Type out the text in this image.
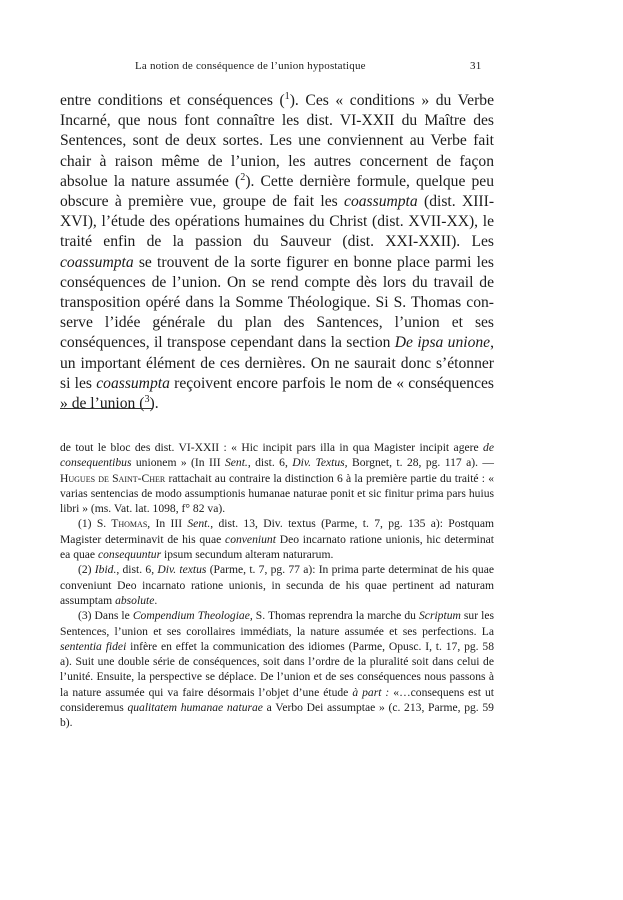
La notion de conséquence de l’union hypostatique	31

entre conditions et conséquences ($^1$). Ces « conditions » du Verbe Incarné, que nous font connaître les dist. VI-XXII du Maître des Sentences, sont de deux sortes. Les une conviennent au Verbe fait chair à raison même de l’union, les autres concernent de façon absolue la nature assumée ($^2$). Cette dernière formule, quelque peu obscure à première vue, groupe de fait les coassumpta (dist. XIII-XVI), l’étude des opérations humaines du Christ (dist. XVII-XX), le traité enfin de la passion du Sauveur (dist. XXI-XXII). Les coassumpta se trouvent de la sorte figurer en bonne place parmi les conséquences de l’union. On se rend compte dès lors du travail de transposition opéré dans la Somme Théologique. Si S. Thomas conserve l’idée générale du plan des Santences, l’union et ses conséquences, il transpose cependant dans la section De ipsa unione, un important élément de ces dernières. On ne saurait donc s’étonner si les coassumpta reçoivent encore parfois le nom de « conséquences » de l’union ($^3$).

de tout le bloc des dist. VI-XXII : « Hic incipit pars illa in qua Magister incipit agere de consequentibus unionem » (In III Sent., dist. 6, Div. Textus, Borgnet, t. 28, pg. 117 a). — Hugues de Saint-Cher rattachait au contraire la distinction 6 à la première partie du traité : « varias sentencias de modo assumptionis humanae naturae ponit et sic finitur prima pars huius libri » (ms. Vat. lat. 1098, f° 82 va).

(1) S. Thomas, In III Sent., dist. 13, Div. textus (Parme, t. 7, pg. 135 a): Postquam Magister determinavit de his quae conveniunt Deo incarnato ratione unionis, hic determinat ea quae consequuntur ipsum secundum alteram naturarum.

(2) Ibid., dist. 6, Div. textus (Parme, t. 7, pg. 77 a): In prima parte determinat de his quae conveniunt Deo incarnato ratione unionis, in secunda de his quae pertinent ad naturam assumptam absolute.

(3) Dans le Compendium Theologiae, S. Thomas reprendra la marche du Scriptum sur les Sentences, l’union et ses corollaires immédiats, la nature assumée et ses perfections. La sententia fidei infère en effet la communication des idiomes (Parme, Opusc. I, t. 17, pg. 58 a). Suit une double série de conséquences, soit dans l’ordre de la pluralité soit dans celui de l’unité. Ensuite, la perspective se déplace. De l’union et de ses conséquences nous passons à la nature assumée qui va faire désormais l’objet d’une étude à part : «…consequens est ut consideremus qualitatem humanae naturae a Verbo Dei assumptae » (c. 213, Parme, pg. 59 b).
